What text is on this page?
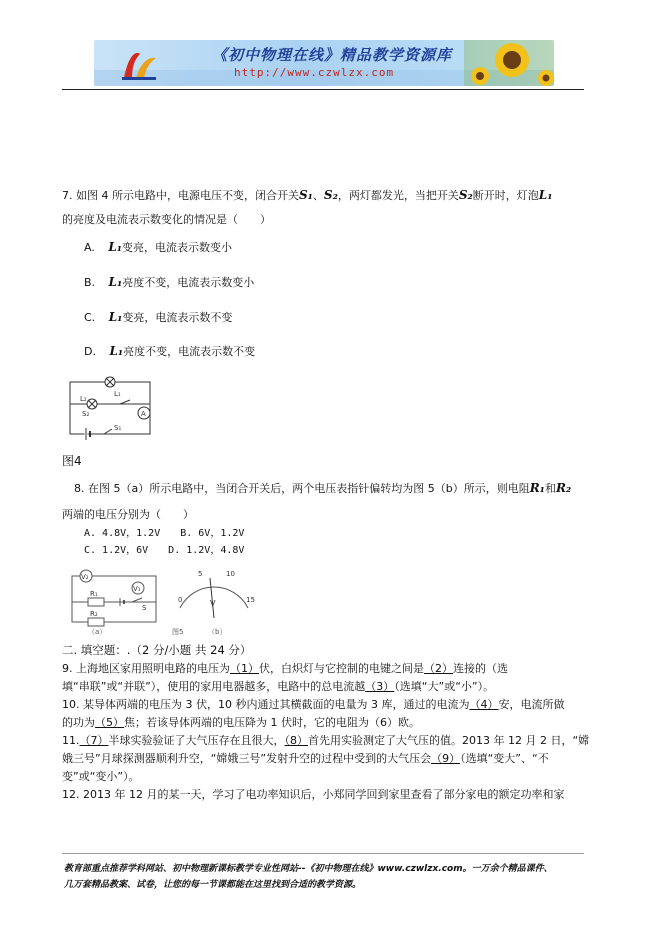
《初中物理在线》精品教学资源库
http://www.czwlzx.com
7. 如图 4 所示电路中，电源电压不变，闭合开关S₁、S₂，两灯都发光，当把开关S₂断开时，灯泡L₁
的亮度及电流表示数变化的情况是（　　）
A. L₁变亮，电流表示数变小
B. L₁亮度不变，电流表示数变小
C. L₁变亮，电流表示数不变
D. L₁亮度不变，电流表示数不变
L₂
L₁
S₂
S₁
A
图4
8. 在图 5（a）所示电路中，当闭合开关后，两个电压表指针偏转均为图 5（b）所示，则电阻R₁和R₂
两端的电压分别为（　　）
A. 4.8V，1.2V　　B. 6V，1.2V
C. 1.2V，6V　　D. 1.2V，4.8V
V₂
V₁
R₁
R₂
S
（a）	图5	（b）
0
5	10
15
V
二. 填空题：.（2 分/小题 共 24 分）
9. 上海地区家用照明电路的电压为（1）伏，白炽灯与它控制的电键之间是（2）连接的（选
填“串联”或“并联”），使用的家用电器越多，电路中的总电流越（3）（选填“大”或“小”）。
10. 某导体两端的电压为 3 伏，10 秒内通过其横截面的电量为 3 库，通过的电流为（4）安，电流所做
的功为（5）焦；若该导体两端的电压降为 1 伏时，它的电阻为（6）欧。
11.（7）半球实验验证了大气压存在且很大，（8）首先用实验测定了大气压的值。2013 年 12 月 2 日，“嫦
娥三号”月球探测器顺利升空，“嫦娥三号”发射升空的过程中受到的大气压会（9）（选填“变大”、“不
变”或“变小”）。
12. 2013 年 12 月的某一天，学习了电功率知识后，小郑同学回到家里查看了部分家电的额定功率和家
教育部重点推荐学科网站、初中物理新课标教学专业性网站--《初中物理在线》www.czwlzx.com。一万余个精品课件、
几万套精品教案、试卷，让您的每一节课都能在这里找到合适的教学资源。
